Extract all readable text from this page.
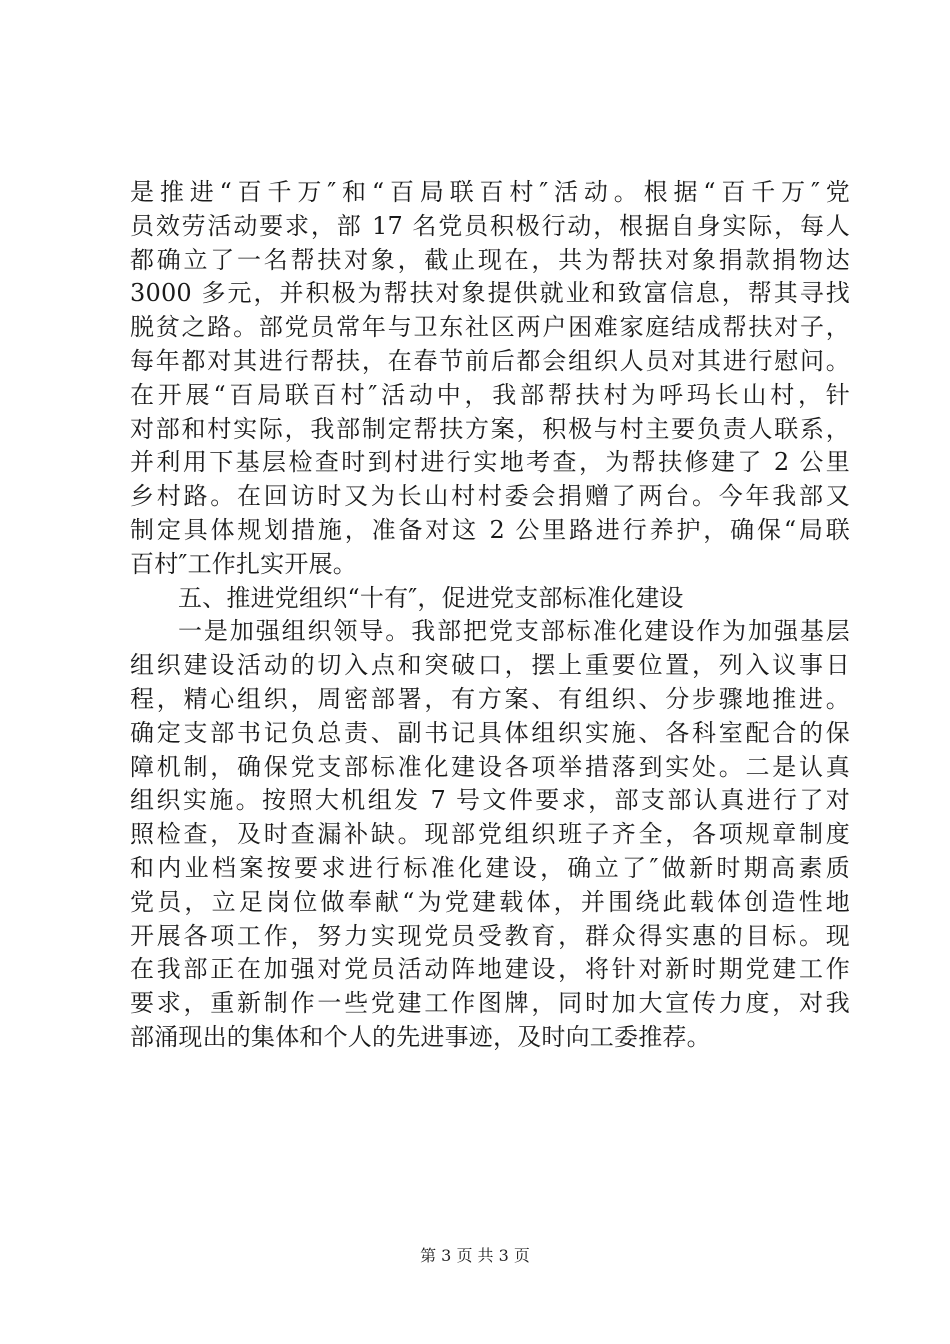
是推进“百千万″和“百局联百村″活动。根据“百千万″党
员效劳活动要求，部 17 名党员积极行动，根据自身实际，每人
都确立了一名帮扶对象，截止现在，共为帮扶对象捐款捐物达
3000 多元，并积极为帮扶对象提供就业和致富信息，帮其寻找
脱贫之路。部党员常年与卫东社区两户困难家庭结成帮扶对子，
每年都对其进行帮扶，在春节前后都会组织人员对其进行慰问。
在开展“百局联百村″活动中，我部帮扶村为呼玛长山村，针
对部和村实际，我部制定帮扶方案，积极与村主要负责人联系，
并利用下基层检查时到村进行实地考查，为帮扶修建了 2 公里
乡村路。在回访时又为长山村村委会捐赠了两台。今年我部又
制定具体规划措施，准备对这 2 公里路进行养护，确保“局联
百村″工作扎实开展。
五、推进党组织“十有″，促进党支部标准化建设
一是加强组织领导。我部把党支部标准化建设作为加强基层
组织建设活动的切入点和突破口，摆上重要位置，列入议事日
程，精心组织，周密部署，有方案、有组织、分步骤地推进。
确定支部书记负总责、副书记具体组织实施、各科室配合的保
障机制，确保党支部标准化建设各项举措落到实处。二是认真
组织实施。按照大机组发 7 号文件要求，部支部认真进行了对
照检查，及时查漏补缺。现部党组织班子齐全，各项规章制度
和内业档案按要求进行标准化建设，确立了″做新时期高素质
党员，立足岗位做奉献“为党建载体，并围绕此载体创造性地
开展各项工作，努力实现党员受教育，群众得实惠的目标。现
在我部正在加强对党员活动阵地建设，将针对新时期党建工作
要求，重新制作一些党建工作图牌，同时加大宣传力度，对我
部涌现出的集体和个人的先进事迹，及时向工委推荐。
第 3 页 共 3 页
